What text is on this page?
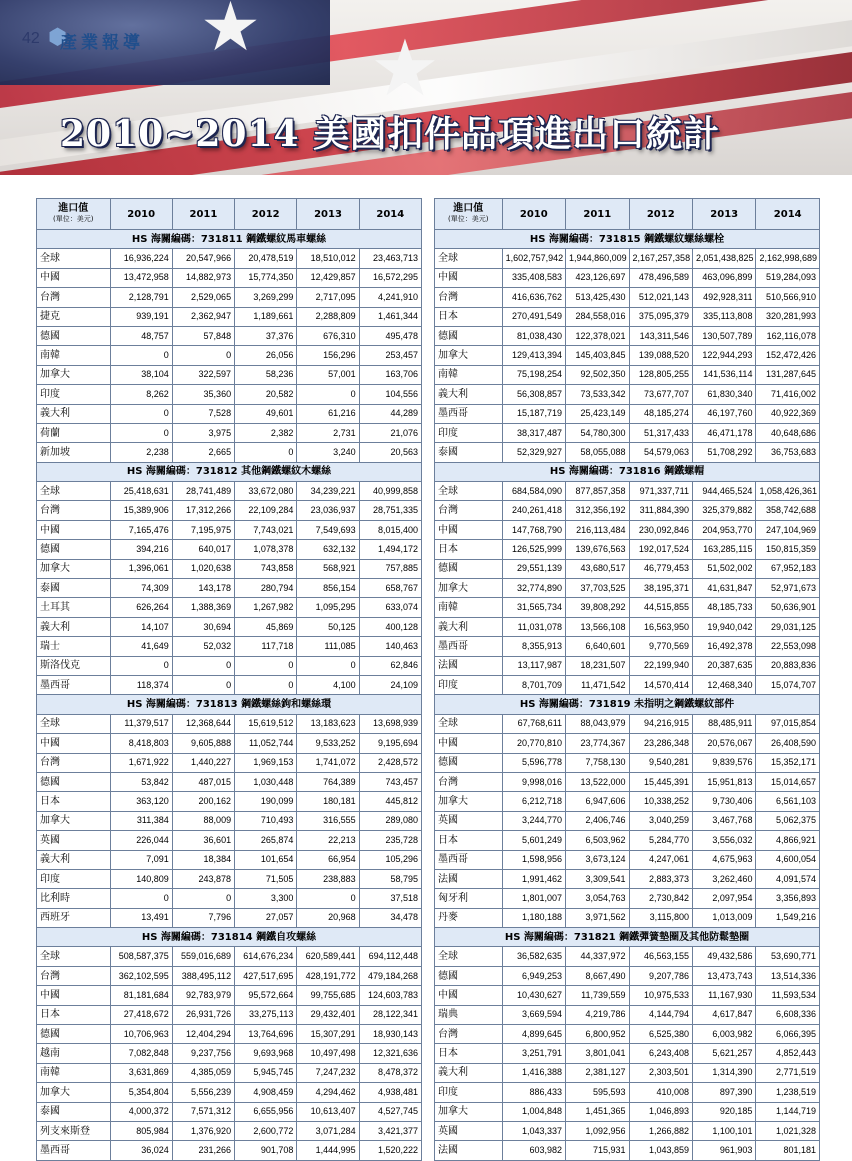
★ ★
42 ⬢
產業報導
2010~2014 美國扣件品項進出口統計
進口值
(單位：美元)	2010	2011	2012	2013	2014
HS 海關編碼：731811 鋼鐵螺紋馬車螺絲					
全球	16,936,224	20,547,966	20,478,519	18,510,012	23,463,713
中國	13,472,958	14,882,973	15,774,350	12,429,857	16,572,295
台灣	2,128,791	2,529,065	3,269,299	2,717,095	4,241,910
捷克	939,191	2,362,947	1,189,661	2,288,809	1,461,344
德國	48,757	57,848	37,376	676,310	495,478
南韓	0	0	26,056	156,296	253,457
加拿大	38,104	322,597	58,236	57,001	163,706
印度	8,262	35,360	20,582	0	104,556
義大利	0	7,528	49,601	61,216	44,289
荷蘭	0	3,975	2,382	2,731	21,076
新加坡	2,238	2,665	0	3,240	20,563
HS 海關編碼：731812 其他鋼鐵螺紋木螺絲					
全球	25,418,631	28,741,489	33,672,080	34,239,221	40,999,858
台灣	15,389,906	17,312,266	22,109,284	23,036,937	28,751,335
中國	7,165,476	7,195,975	7,743,021	7,549,693	8,015,400
德國	394,216	640,017	1,078,378	632,132	1,494,172
加拿大	1,396,061	1,020,638	743,858	568,921	757,885
泰國	74,309	143,178	280,794	856,154	658,767
土耳其	626,264	1,388,369	1,267,982	1,095,295	633,074
義大利	14,107	30,694	45,869	50,125	400,128
瑞士	41,649	52,032	117,718	111,085	140,463
斯洛伐克	0	0	0	0	62,846
墨西哥	118,374	0	0	4,100	24,109
HS 海關編碼：731813 鋼鐵螺絲鉤和螺絲環					
全球	11,379,517	12,368,644	15,619,512	13,183,623	13,698,939
中國	8,418,803	9,605,888	11,052,744	9,533,252	9,195,694
台灣	1,671,922	1,440,227	1,969,153	1,741,072	2,428,572
德國	53,842	487,015	1,030,448	764,389	743,457
日本	363,120	200,162	190,099	180,181	445,812
加拿大	311,384	88,009	710,493	316,555	289,080
英國	226,044	36,601	265,874	22,213	235,728
義大利	7,091	18,384	101,654	66,954	105,296
印度	140,809	243,878	71,505	238,883	58,795
比利時	0	0	3,300	0	37,518
西班牙	13,491	7,796	27,057	20,968	34,478
HS 海關編碼：731814 鋼鐵自攻螺絲					
全球	508,587,375	559,016,689	614,676,234	620,589,441	694,112,448
台灣	362,102,595	388,495,112	427,517,695	428,191,772	479,184,268
中國	81,181,684	92,783,979	95,572,664	99,755,685	124,603,783
日本	27,418,672	26,931,726	33,275,113	29,432,401	28,122,341
德國	10,706,963	12,404,294	13,764,696	15,307,291	18,930,143
越南	7,082,848	9,237,756	9,693,968	10,497,498	12,321,636
南韓	3,631,869	4,385,059	5,945,745	7,247,232	8,478,372
加拿大	5,354,804	5,556,239	4,908,459	4,294,462	4,938,481
泰國	4,000,372	7,571,312	6,655,956	10,613,407	4,527,745
列支來斯登	805,984	1,376,920	2,600,772	3,071,284	3,421,377
墨西哥	36,024	231,266	901,708	1,444,995	1,520,222
進口值
(單位：美元)	2010	2011	2012	2013	2014
HS 海關編碼：731815 鋼鐵螺紋螺絲螺栓					
全球	1,602,757,942	1,944,860,009	2,167,257,358	2,051,438,825	2,162,998,689
中國	335,408,583	423,126,697	478,496,589	463,096,899	519,284,093
台灣	416,636,762	513,425,430	512,021,143	492,928,311	510,566,910
日本	270,491,549	284,558,016	375,095,379	335,113,808	320,281,993
德國	81,038,430	122,378,021	143,311,546	130,507,789	162,116,078
加拿大	129,413,394	145,403,845	139,088,520	122,944,293	152,472,426
南韓	75,198,254	92,502,350	128,805,255	141,536,114	131,287,645
義大利	56,308,857	73,533,342	73,677,707	61,830,340	71,416,002
墨西哥	15,187,719	25,423,149	48,185,274	46,197,760	40,922,369
印度	38,317,487	54,780,300	51,317,433	46,471,178	40,648,686
泰國	52,329,927	58,055,088	54,579,063	51,708,292	36,753,683
HS 海關編碼：731816 鋼鐵螺帽					
全球	684,584,090	877,857,358	971,337,711	944,465,524	1,058,426,361
台灣	240,261,418	312,356,192	311,884,390	325,379,882	358,742,688
中國	147,768,790	216,113,484	230,092,846	204,953,770	247,104,969
日本	126,525,999	139,676,563	192,017,524	163,285,115	150,815,359
德國	29,551,139	43,680,517	46,779,453	51,502,002	67,952,183
加拿大	32,774,890	37,703,525	38,195,371	41,631,847	52,971,673
南韓	31,565,734	39,808,292	44,515,855	48,185,733	50,636,901
義大利	11,031,078	13,566,108	16,563,950	19,940,042	29,031,125
墨西哥	8,355,913	6,640,601	9,770,569	16,492,378	22,553,098
法國	13,117,987	18,231,507	22,199,940	20,387,635	20,883,836
印度	8,701,709	11,471,542	14,570,414	12,468,340	15,074,707
HS 海關編碼：731819 未指明之鋼鐵螺紋部件					
全球	67,768,611	88,043,979	94,216,915	88,485,911	97,015,854
中國	20,770,810	23,774,367	23,286,348	20,576,067	26,408,590
德國	5,596,778	7,758,130	9,540,281	9,839,576	15,352,171
台灣	9,998,016	13,522,000	15,445,391	15,951,813	15,014,657
加拿大	6,212,718	6,947,606	10,338,252	9,730,406	6,561,103
英國	3,244,770	2,406,746	3,040,259	3,467,768	5,062,375
日本	5,601,249	6,503,962	5,284,770	3,556,032	4,866,921
墨西哥	1,598,956	3,673,124	4,247,061	4,675,963	4,600,054
法國	1,991,462	3,309,541	2,883,373	3,262,460	4,091,574
匈牙利	1,801,007	3,054,763	2,730,842	2,097,954	3,356,893
丹麥	1,180,188	3,971,562	3,115,800	1,013,009	1,549,216
HS 海關編碼：731821 鋼鐵彈簧墊圈及其他防鬆墊圈					
全球	36,582,635	44,337,972	46,563,155	49,432,586	53,690,771
德國	6,949,253	8,667,490	9,207,786	13,473,743	13,514,336
中國	10,430,627	11,739,559	10,975,533	11,167,930	11,593,534
瑞典	3,669,594	4,219,786	4,144,794	4,617,847	6,608,336
台灣	4,899,645	6,800,952	6,525,380	6,003,982	6,066,395
日本	3,251,791	3,801,041	6,243,408	5,621,257	4,852,443
義大利	1,416,388	2,381,127	2,303,501	1,314,390	2,771,519
印度	886,433	595,593	410,008	897,390	1,238,519
加拿大	1,004,848	1,451,365	1,046,893	920,185	1,144,719
英國	1,043,337	1,092,956	1,266,882	1,100,101	1,021,328
法國	603,982	715,931	1,043,859	961,903	801,181
